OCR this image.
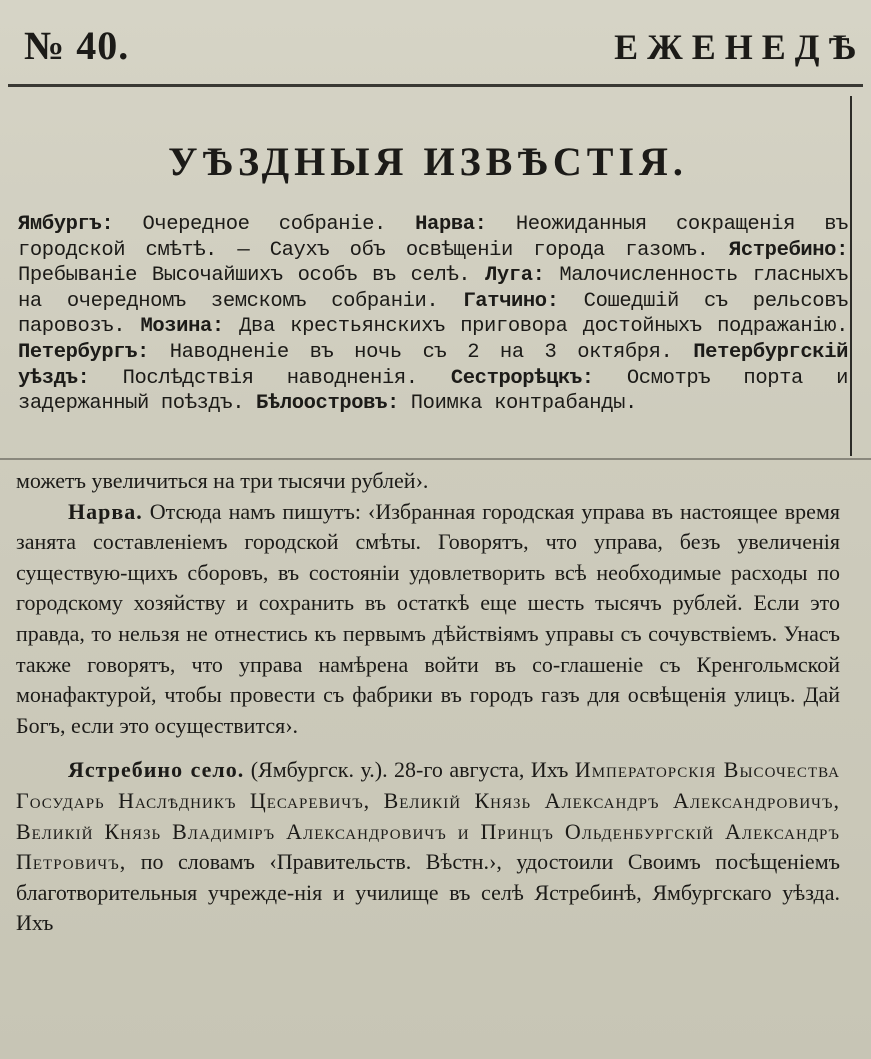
№ 40.	ЕЖЕНЕДѢ
УѢЗДНЫЯ ИЗВѢСТІЯ.
Ямбургъ: Очередное собраніе. Нарва: Неожиданныя сокращенія въ городской смѣтѣ. — Саухъ объ освѣщеніи города газомъ. Ястребино: Пребываніе Высочайшихъ особъ въ селѣ. Луга: Малочисленность гласныхъ на очередномъ земскомъ собраніи. Гатчино: Сошедшій съ рельсовъ паровозъ. Мозина: Два крестьянскихъ приговора достойныхъ подражанію. Петербургъ: Наводненіе въ ночь съ 2 на 3 октября. Петербургскій уѣздъ: Послѣдствія наводненія. Сестрорѣцкъ: Осмотръ порта и задержанный поѣздъ. Бѣлоостровъ: Поимка контрабанды.

можетъ увеличиться на три тысячи рублей›.

Нарва. Отсюда намъ пишутъ: ‹Избранная городская управа въ настоящее время занята составленіемъ городской смѣты. Говорятъ, что управа, безъ увеличенія существую-щихъ сборовъ, въ состояніи удовлетворить всѣ необходимые расходы по городскому хозяйству и сохранить въ остаткѣ еще шесть тысячъ рублей. Если это правда, то нельзя не отнестись къ первымъ дѣйствіямъ управы съ сочувствіемъ. Унасъ также говорятъ, что управа намѣрена войти въ со-глашеніе съ Кренгольмской монафактурой, чтобы провести съ фабрики въ городъ газъ для освѣщенія улицъ. Дай Богъ, если это осуществится›.

Ястребино село. (Ямбургск. у.). 28-го августа, Ихъ Императорскія Высочества Государь Наслѣдникъ Цесаревичъ, Великій Князь Александръ Александровичъ, Великій Князь Владиміръ Александровичъ и Принцъ Ольденбургскій Александръ Петровичъ, по словамъ ‹Правительств. Вѣстн.›, удостоили Своимъ посѣщеніемъ благотворительныя учрежде-нія и училище въ селѣ Ястребинѣ, Ямбургскаго уѣзда. Ихъ
